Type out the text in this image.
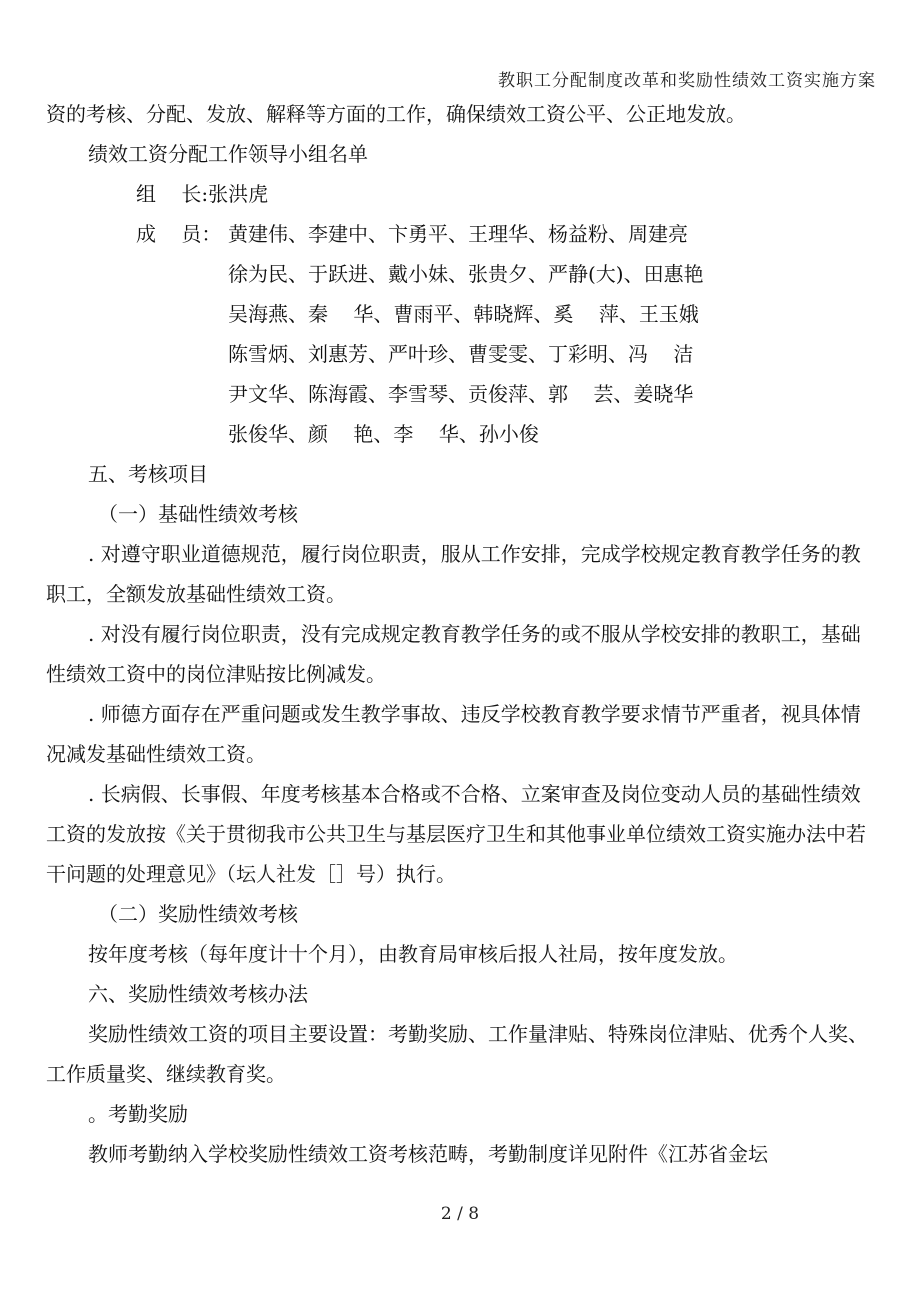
教职工分配制度改革和奖励性绩效工资实施方案

资的考核、分配、发放、解释等方面的工作，确保绩效工资公平、公正地发放。

绩效工资分配工作领导小组名单

组    长:张洪虎

成    员： 黄建伟、李建中、卞勇平、王理华、杨益粉、周建亮
徐为民、于跃进、戴小妹、张贵夕、严静(大)、田惠艳
吴海燕、秦    华、曹雨平、韩晓辉、奚    萍、王玉娥
陈雪炳、刘惠芳、严叶珍、曹雯雯、丁彩明、冯    洁
尹文华、陈海霞、李雪琴、贡俊萍、郭    芸、姜晓华
张俊华、颜    艳、李    华、孙小俊

五、考核项目

（一）基础性绩效考核

. 对遵守职业道德规范，履行岗位职责，服从工作安排，完成学校规定教育教学任务的教职工，全额发放基础性绩效工资。

. 对没有履行岗位职责，没有完成规定教育教学任务的或不服从学校安排的教职工，基础性绩效工资中的岗位津贴按比例减发。

. 师德方面存在严重问题或发生教学事故、违反学校教育教学要求情节严重者，视具体情况减发基础性绩效工资。

. 长病假、长事假、年度考核基本合格或不合格、立案审查及岗位变动人员的基础性绩效工资的发放按《关于贯彻我市公共卫生与基层医疗卫生和其他事业单位绩效工资实施办法中若干问题的处理意见》（坛人社发［］号）执行。

（二）奖励性绩效考核

按年度考核（每年度计十个月），由教育局审核后报人社局，按年度发放。

六、奖励性绩效考核办法

奖励性绩效工资的项目主要设置：考勤奖励、工作量津贴、特殊岗位津贴、优秀个人奖、工作质量奖、继续教育奖。

。考勤奖励

教师考勤纳入学校奖励性绩效工资考核范畴，考勤制度详见附件《江苏省金坛

2 / 8
